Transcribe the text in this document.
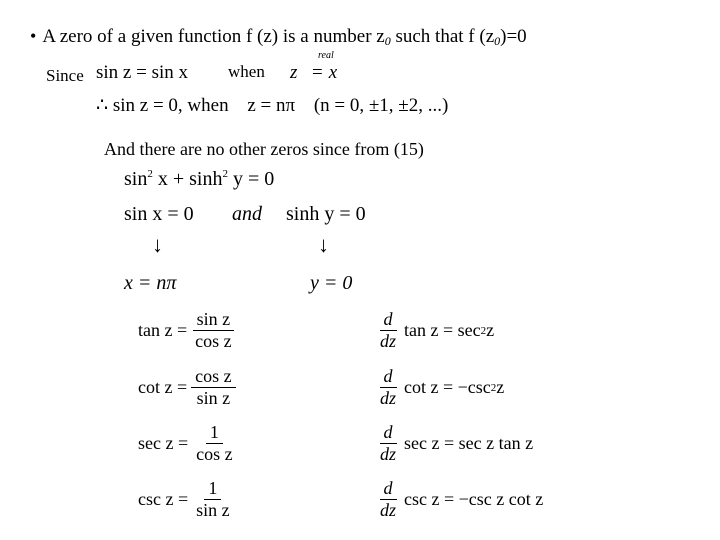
• A zero of a given function f (z) is a number $z_0$ such that f $(z_0)=0$
Since sin z = sin x when z
real
= x
∴ sin z = 0, when z = nπ (n = 0, ±1, ±2, ...)
And there are no other zeros since from (15)
$\sin^2 x + \sinh^2 y = 0$
sin x = 0 and sinh y = 0
↓	↓
x = nπ	y = 0
$\tan z = \frac{\text{sin z}}{\text{cos z}}$
$\cot z = \frac{\text{cos z}}{\text{sin z}}$
$\sec z = \frac{1}{\text{cos z}}$
$\csc z = \frac{1}{\text{sin z}}$
$\frac{d}{dz}$ tan z = sec 2 z
$\frac{d}{dz}$ cot z = −csc 2 z
$\frac{d}{dz}$ sec z = sec z tan z
$\frac{d}{dz}$ csc z = −csc z cot z
